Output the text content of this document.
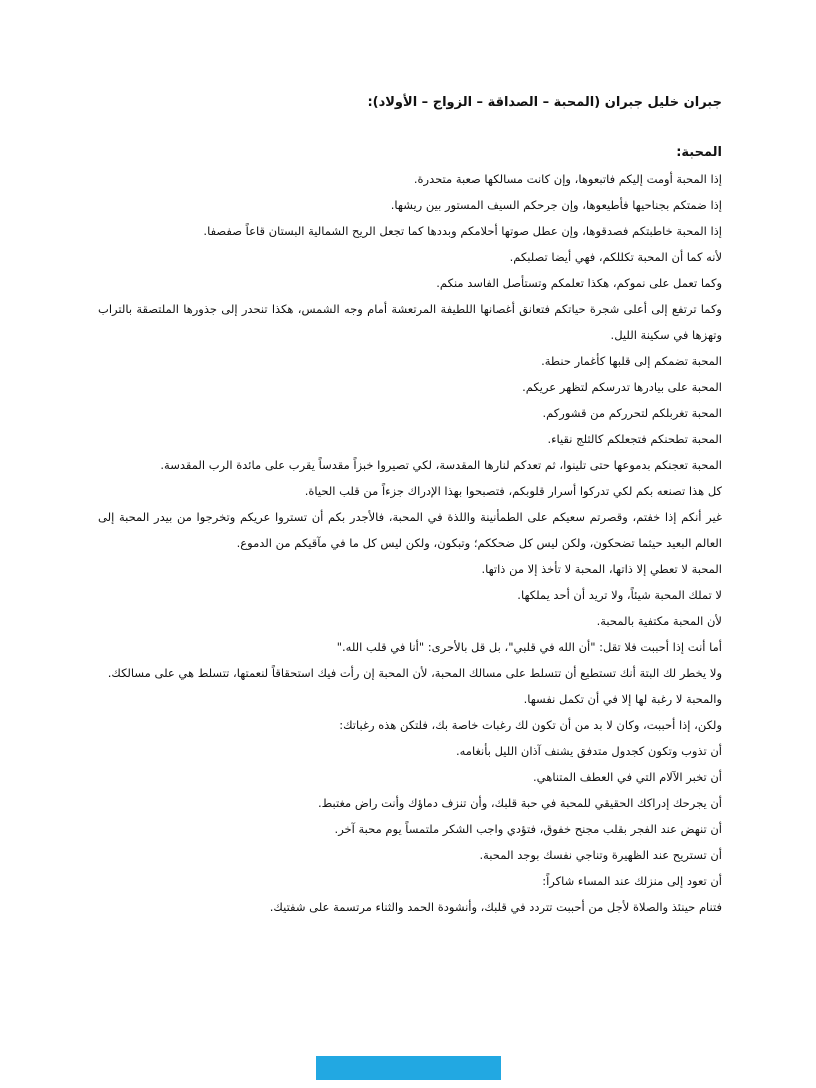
جبران خليل جبران (المحبة – الصداقة – الزواج – الأولاد):

المحبة:

إذا المحبة أومت إليكم فاتبعوها، وإن كانت مسالكها صعبة متحدرة.

إذا ضمتكم بجناحيها فأطيعوها، وإن جرحكم السيف المستور بين ريشها.

إذا المحبة خاطبتكم فصدقوها، وإن عطل صوتها أحلامكم وبددها كما تجعل الريح الشمالية البستان قاعاً صفصفا.

لأنه كما أن المحبة تكللكم، فهي أيضا تصلبكم.

وكما تعمل على نموكم، هكذا تعلمكم وتستأصل الفاسد منكم.

وكما ترتفع إلى أعلى شجرة حياتكم فتعانق أغصانها اللطيفة المرتعشة أمام وجه الشمس، هكذا تنحدر إلى جذورها الملتصقة بالتراب وتهزها في سكينة الليل.

المحبة تضمكم إلى قلبها كأغمار حنطة.

المحبة على بيادرها تدرسكم لتظهر عريكم.

المحبة تغربلكم لتحرركم من قشوركم.

المحبة تطحنكم فتجعلكم كالثلج نقياء.

المحبة تعجنكم بدموعها حتى تلينوا، ثم تعدكم لنارها المقدسة، لكي تصيروا خبزاً مقدساً يقرب على مائدة الرب المقدسة.

كل هذا تصنعه بكم لكي تدركوا أسرار قلوبكم، فتصبحوا بهذا الإدراك جزءاً من قلب الحياة.

غير أنكم إذا خفتم، وقصرتم سعيكم على الطمأنينة واللذة في المحبة، فالأجدر بكم أن تستروا عريكم وتخرجوا من بيدر المحبة إلى العالم البعيد حيثما تضحكون، ولكن ليس كل ضحككم؛ وتبكون، ولكن ليس كل ما في مآقيكم من الدموع.

المحبة لا تعطي إلا ذاتها، المحبة لا تأخذ إلا من ذاتها.

لا تملك المحبة شيئاً، ولا تريد أن أحد يملكها.

لأن المحبة مكتفية بالمحبة.

أما أنت إذا أحببت فلا تقل: "أن الله في قلبي"، بل قل بالأحرى: "أنا في قلب الله."

ولا يخطر لك البتة أنك تستطيع أن تتسلط على مسالك المحبة، لأن المحبة إن رأت فيك استحقاقاً لنعمتها، تتسلط هي على مسالكك.

والمحبة لا رغبة لها إلا في أن تكمل نفسها.

ولكن، إذا أحببت، وكان لا بد من أن تكون لك رغبات خاصة بك، فلتكن هذه رغباتك:

أن تذوب وتكون كجدول متدفق يشنف آذان الليل بأنغامه.

أن تخبر الآلام التي في العطف المتناهي.

أن يجرحك إدراكك الحقيقي للمحبة في حبة قلبك، وأن تنزف دماؤك وأنت راض مغتبط.

أن تنهض عند الفجر بقلب مجنح خفوق، فتؤدي واجب الشكر ملتمساً يوم محبة آخر.

أن تستريح عند الظهيرة وتناجي نفسك بوجد المحبة.

أن تعود إلى منزلك عند المساء شاكراً:

فتنام حينئذ والصلاة لأجل من أحببت تتردد في قلبك، وأنشودة الحمد والثناء مرتسمة على شفتيك.
